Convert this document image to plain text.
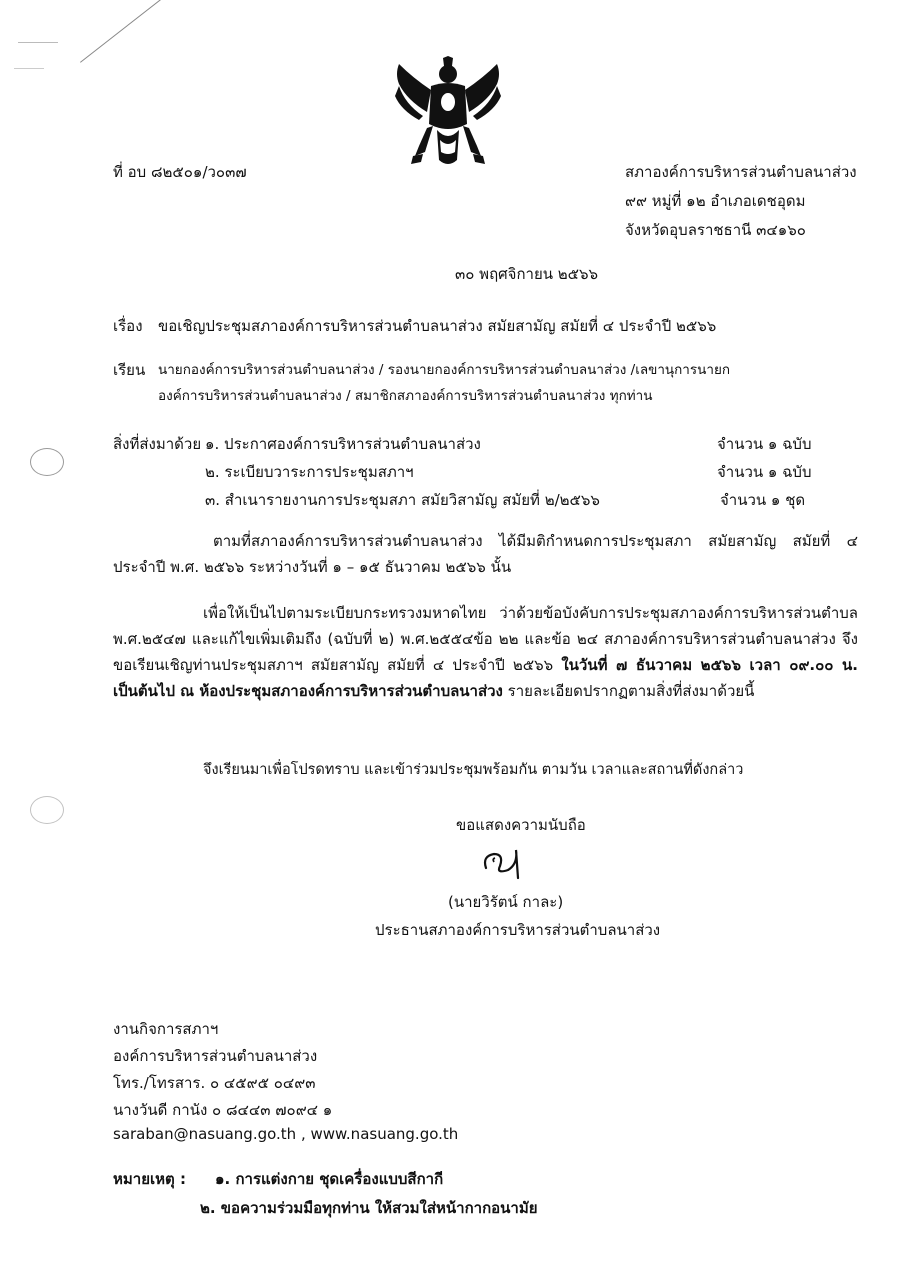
ที่ อบ ๘๒๕๐๑/ว๐๓๗	สภาองค์การบริหารส่วนตำบลนาส่วง
๙๙ หมู่ที่ ๑๒ อำเภอเดชอุดม
จังหวัดอุบลราชธานี ๓๔๑๖๐
๓๐ พฤศจิกายน ๒๕๖๖
เรื่อง ขอเชิญประชุมสภาองค์การบริหารส่วนตำบลนาส่วง สมัยสามัญ สมัยที่ ๔ ประจำปี ๒๕๖๖
เรียน นายกองค์การบริหารส่วนตำบลนาส่วง / รองนายกองค์การบริหารส่วนตำบลนาส่วง /เลขานุการนายก
องค์การบริหารส่วนตำบลนาส่วง / สมาชิกสภาองค์การบริหารส่วนตำบลนาส่วง ทุกท่าน
สิ่งที่ส่งมาด้วย ๑. ประกาศองค์การบริหารส่วนตำบลนาส่วง	จำนวน ๑ ฉบับ
๒. ระเบียบวาระการประชุมสภาฯ	จำนวน ๑ ฉบับ
๓. สำเนารายงานการประชุมสภา สมัยวิสามัญ สมัยที่ ๒/๒๕๖๖	จำนวน ๑ ชุด
ตามที่สภาองค์การบริหารส่วนตำบลนาส่วง ได้มีมติกำหนดการประชุมสภา สมัยสามัญ สมัยที่ ๔ ประจำปี พ.ศ. ๒๕๖๖ ระหว่างวันที่ ๑ – ๑๕ ธันวาคม ๒๕๖๖ นั้น
เพื่อให้เป็นไปตามระเบียบกระทรวงมหาดไทย ว่าด้วยข้อบังคับการประชุมสภาองค์การบริหารส่วนตำบล พ.ศ.๒๕๔๗ และแก้ไขเพิ่มเติมถึง (ฉบับที่ ๒) พ.ศ.๒๕๕๔ข้อ ๒๒ และข้อ ๒๔ สภาองค์การบริหารส่วนตำบลนาส่วง จึงขอเรียนเชิญท่านประชุมสภาฯ สมัยสามัญ สมัยที่ ๔ ประจำปี ๒๕๖๖ ในวันที่ ๗ ธันวาคม ๒๕๖๖ เวลา ๐๙.๐๐ น. เป็นต้นไป ณ ห้องประชุมสภาองค์การบริหารส่วนตำบลนาส่วง รายละเอียดปรากฏตามสิ่งที่ส่งมาด้วยนี้
จึงเรียนมาเพื่อโปรดทราบ และเข้าร่วมประชุมพร้อมกัน ตามวัน เวลาและสถานที่ดังกล่าว
ขอแสดงความนับถือ
(นายวิรัตน์ กาละ)
ประธานสภาองค์การบริหารส่วนตำบลนาส่วง
งานกิจการสภาฯ
องค์การบริหารส่วนตำบลนาส่วง
โทร./โทรสาร. ๐ ๔๕๙๕ ๐๔๙๓
นางวันดี กานัง ๐ ๘๔๔๓ ๗๐๙๔ ๑
saraban@nasuang.go.th , www.nasuang.go.th
หมายเหตุ : ๑. การแต่งกาย ชุดเครื่องแบบสีกากี
๒. ขอความร่วมมือทุกท่าน ให้สวมใส่หน้ากากอนามัย
